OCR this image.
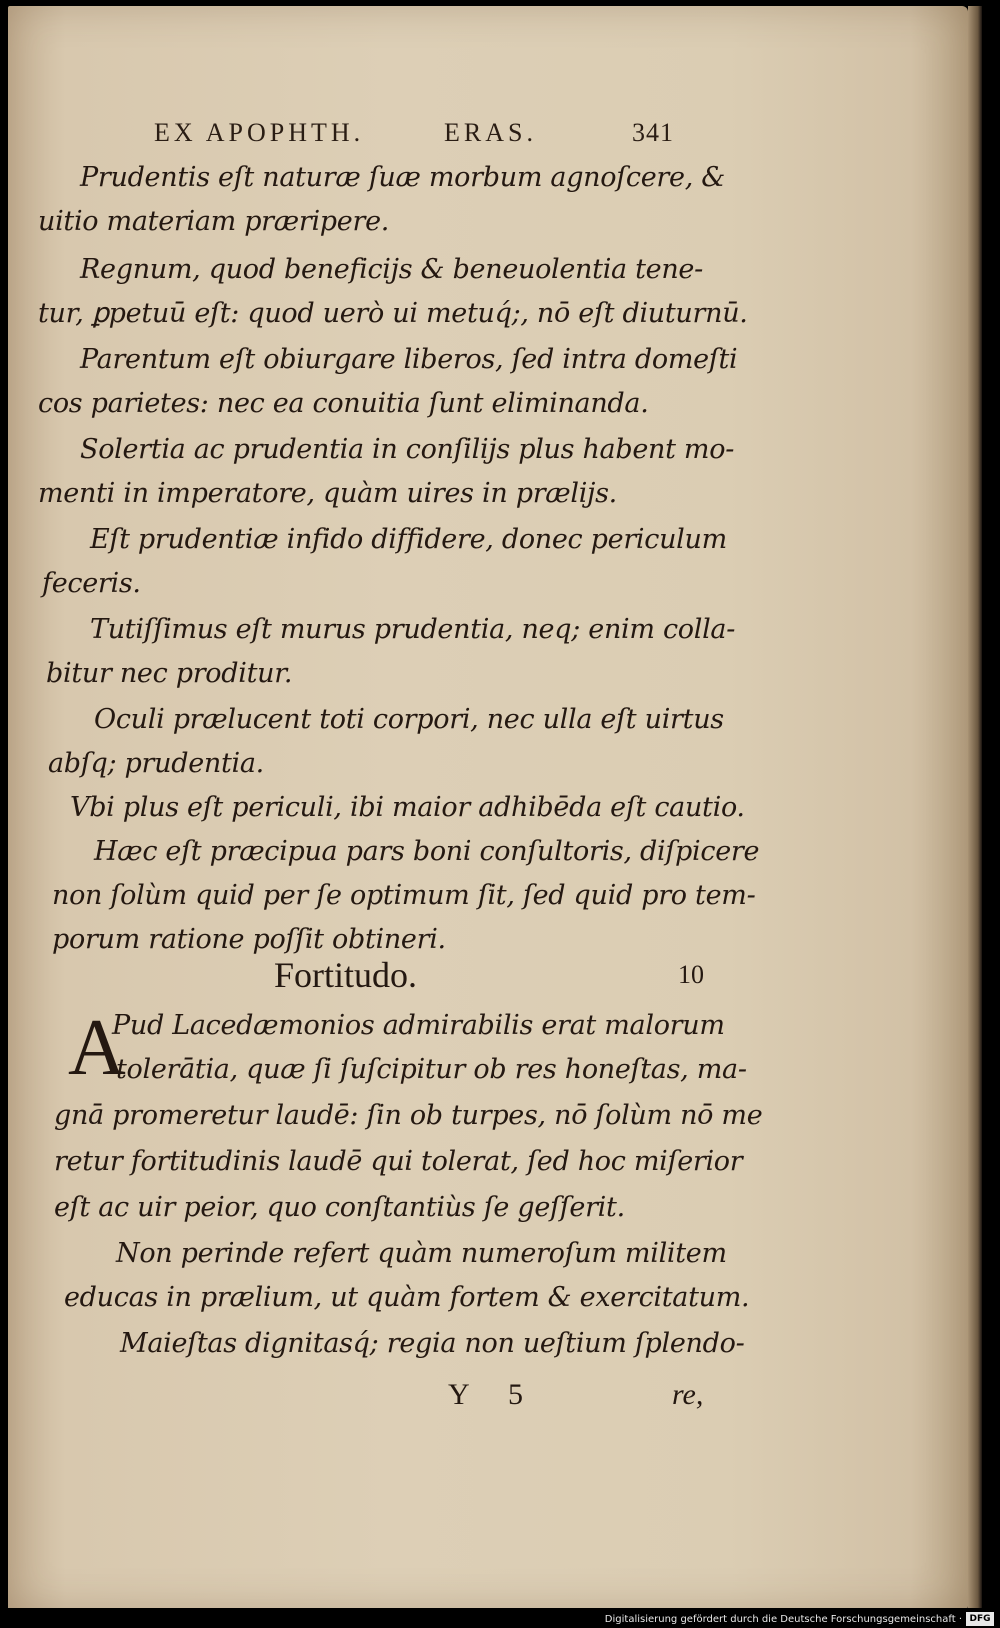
EX APOPHTH.	ERAS.	341
Prudentis eſt naturæ ſuæ morbum agnoſcere, &
uitio materiam præripere.
Regnum, quod beneficijs & beneuolentia tene-
tur, ꝑpetuū eſt: quod uerò ui metuq́;, nō eſt diuturnū.
Parentum eſt obiurgare liberos, ſed intra domeſti
cos parietes: nec ea conuitia ſunt eliminanda.
Solertia ac prudentia in conſilijs plus habent mo-
menti in imperatore, quàm uires in prælijs.
Eſt prudentiæ infido diffidere, donec periculum
feceris.
Tutiſſimus eſt murus prudentia, neq; enim colla-
bitur nec proditur.
Oculi prælucent toti corpori, nec ulla eſt uirtus
abſq; prudentia.
Vbi plus eſt periculi, ibi maior adhibēda eſt cautio.
Hæc eſt præcipua pars boni conſultoris, diſpicere
non ſolùm quid per ſe optimum ſit, ſed quid pro tem-
porum ratione poſſit obtineri.
Fortitudo.	10
A
Pud Lacedæmonios admirabilis erat malorum
tolerātia, quæ ſi ſuſcipitur ob res honeſtas, ma-
gnā promeretur laudē: ſin ob turpes, nō ſolùm nō me
retur fortitudinis laudē qui tolerat, ſed hoc miſerior
eſt ac uir peior, quo conſtantiùs ſe geſſerit.
Non perinde refert quàm numeroſum militem
educas in prælium, ut quàm fortem & exercitatum.
Maieſtas dignitasq́; regia non ueſtium ſplendo-
Y 5	re,
Digitalisierung gefördert durch die Deutsche Forschungsgemeinschaft · DFG
